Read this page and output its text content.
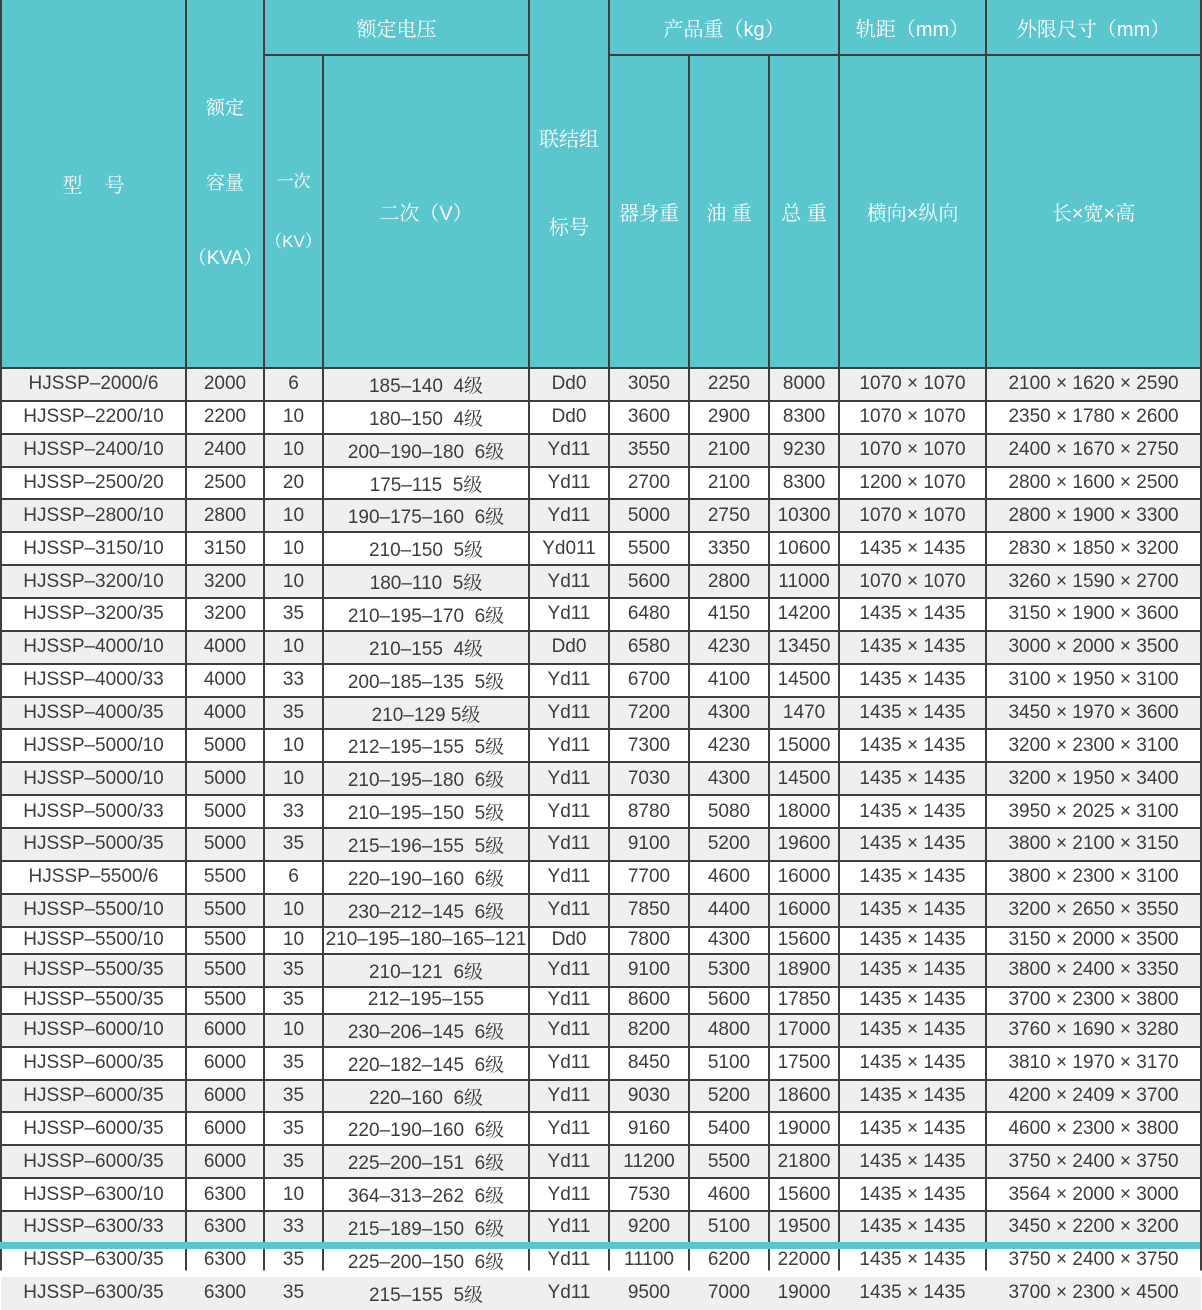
型    号	

额定

容量

（KVA）

	额定电压	

联结组

标号

	产品重（kg）	轨距（mm）	外限尺寸（mm）

		一次

（KV）	二次（V）		器身重	油 重	总 重	横向×纵向	长×宽×高
HJSSP–2000/6	2000	6	185–140  4级	Dd0	3050	2250	8000	1070 × 1070	2100 × 1620 × 2590
HJSSP–2200/10	2200	10	180–150  4级	Dd0	3600	2900	8300	1070 × 1070	2350 × 1780 × 2600
HJSSP–2400/10	2400	10	200–190–180  6级	Yd11	3550	2100	9230	1070 × 1070	2400 × 1670 × 2750
HJSSP–2500/20	2500	20	175–115  5级	Yd11	2700	2100	8300	1200 × 1070	2800 × 1600 × 2500
HJSSP–2800/10	2800	10	190–175–160  6级	Yd11	5000	2750	10300	1070 × 1070	2800 × 1900 × 3300
HJSSP–3150/10	3150	10	210–150  5级	Yd011	5500	3350	10600	1435 × 1435	2830 × 1850 × 3200
HJSSP–3200/10	3200	10	180–110  5级	Yd11	5600	2800	11000	1070 × 1070	3260 × 1590 × 2700
HJSSP–3200/35	3200	35	210–195–170  6级	Yd11	6480	4150	14200	1435 × 1435	3150 × 1900 × 3600
HJSSP–4000/10	4000	10	210–155  4级	Dd0	6580	4230	13450	1435 × 1435	3000 × 2000 × 3500
HJSSP–4000/33	4000	33	200–185–135  5级	Yd11	6700	4100	14500	1435 × 1435	3100 × 1950 × 3100
HJSSP–4000/35	4000	35	210–129 5级	Yd11	7200	4300	1470	1435 × 1435	3450 × 1970 × 3600
HJSSP–5000/10	5000	10	212–195–155  5级	Yd11	7300	4230	15000	1435 × 1435	3200 × 2300 × 3100
HJSSP–5000/10	5000	10	210–195–180  6级	Yd11	7030	4300	14500	1435 × 1435	3200 × 1950 × 3400
HJSSP–5000/33	5000	33	210–195–150  5级	Yd11	8780	5080	18000	1435 × 1435	3950 × 2025 × 3100
HJSSP–5000/35	5000	35	215–196–155  5级	Yd11	9100	5200	19600	1435 × 1435	3800 × 2100 × 3150
HJSSP–5500/6	5500	6	220–190–160  6级	Yd11	7700	4600	16000	1435 × 1435	3800 × 2300 × 3100
HJSSP–5500/10	5500	10	230–212–145  6级	Yd11	7850	4400	16000	1435 × 1435	3200 × 2650 × 3550
HJSSP–5500/10	5500	10	210–195–180–165–121	Dd0	7800	4300	15600	1435 × 1435	3150 × 2000 × 3500
HJSSP–5500/35	5500	35	210–121  6级	Yd11	9100	5300	18900	1435 × 1435	3800 × 2400 × 3350
HJSSP–5500/35	5500	35	212–195–155	Yd11	8600	5600	17850	1435 × 1435	3700 × 2300 × 3800
HJSSP–6000/10	6000	10	230–206–145  6级	Yd11	8200	4800	17000	1435 × 1435	3760 × 1690 × 3280
HJSSP–6000/35	6000	35	220–182–145  6级	Yd11	8450	5100	17500	1435 × 1435	3810 × 1970 × 3170
HJSSP–6000/35	6000	35	220–160  6级	Yd11	9030	5200	18600	1435 × 1435	4200 × 2409 × 3700
HJSSP–6000/35	6000	35	220–190–160  6级	Yd11	9160	5400	19000	1435 × 1435	4600 × 2300 × 3800
HJSSP–6000/35	6000	35	225–200–151  6级	Yd11	11200	5500	21800	1435 × 1435	3750 × 2400 × 3750
HJSSP–6300/10	6300	10	364–313–262  6级	Yd11	7530	4600	15600	1435 × 1435	3564 × 2000 × 3000
HJSSP–6300/33	6300	33	215–189–150  6级	Yd11	9200	5100	19500	1435 × 1435	3450 × 2200 × 3200
HJSSP–6300/35	6300	35	225–200–150  6级	Yd11	11100	6200	22000	1435 × 1435	3750 × 2400 × 3750
HJSSP–6300/35	6300	35	215–155  5级	Yd11	9500	7000	19000	1435 × 1435	3700 × 2300 × 4500
